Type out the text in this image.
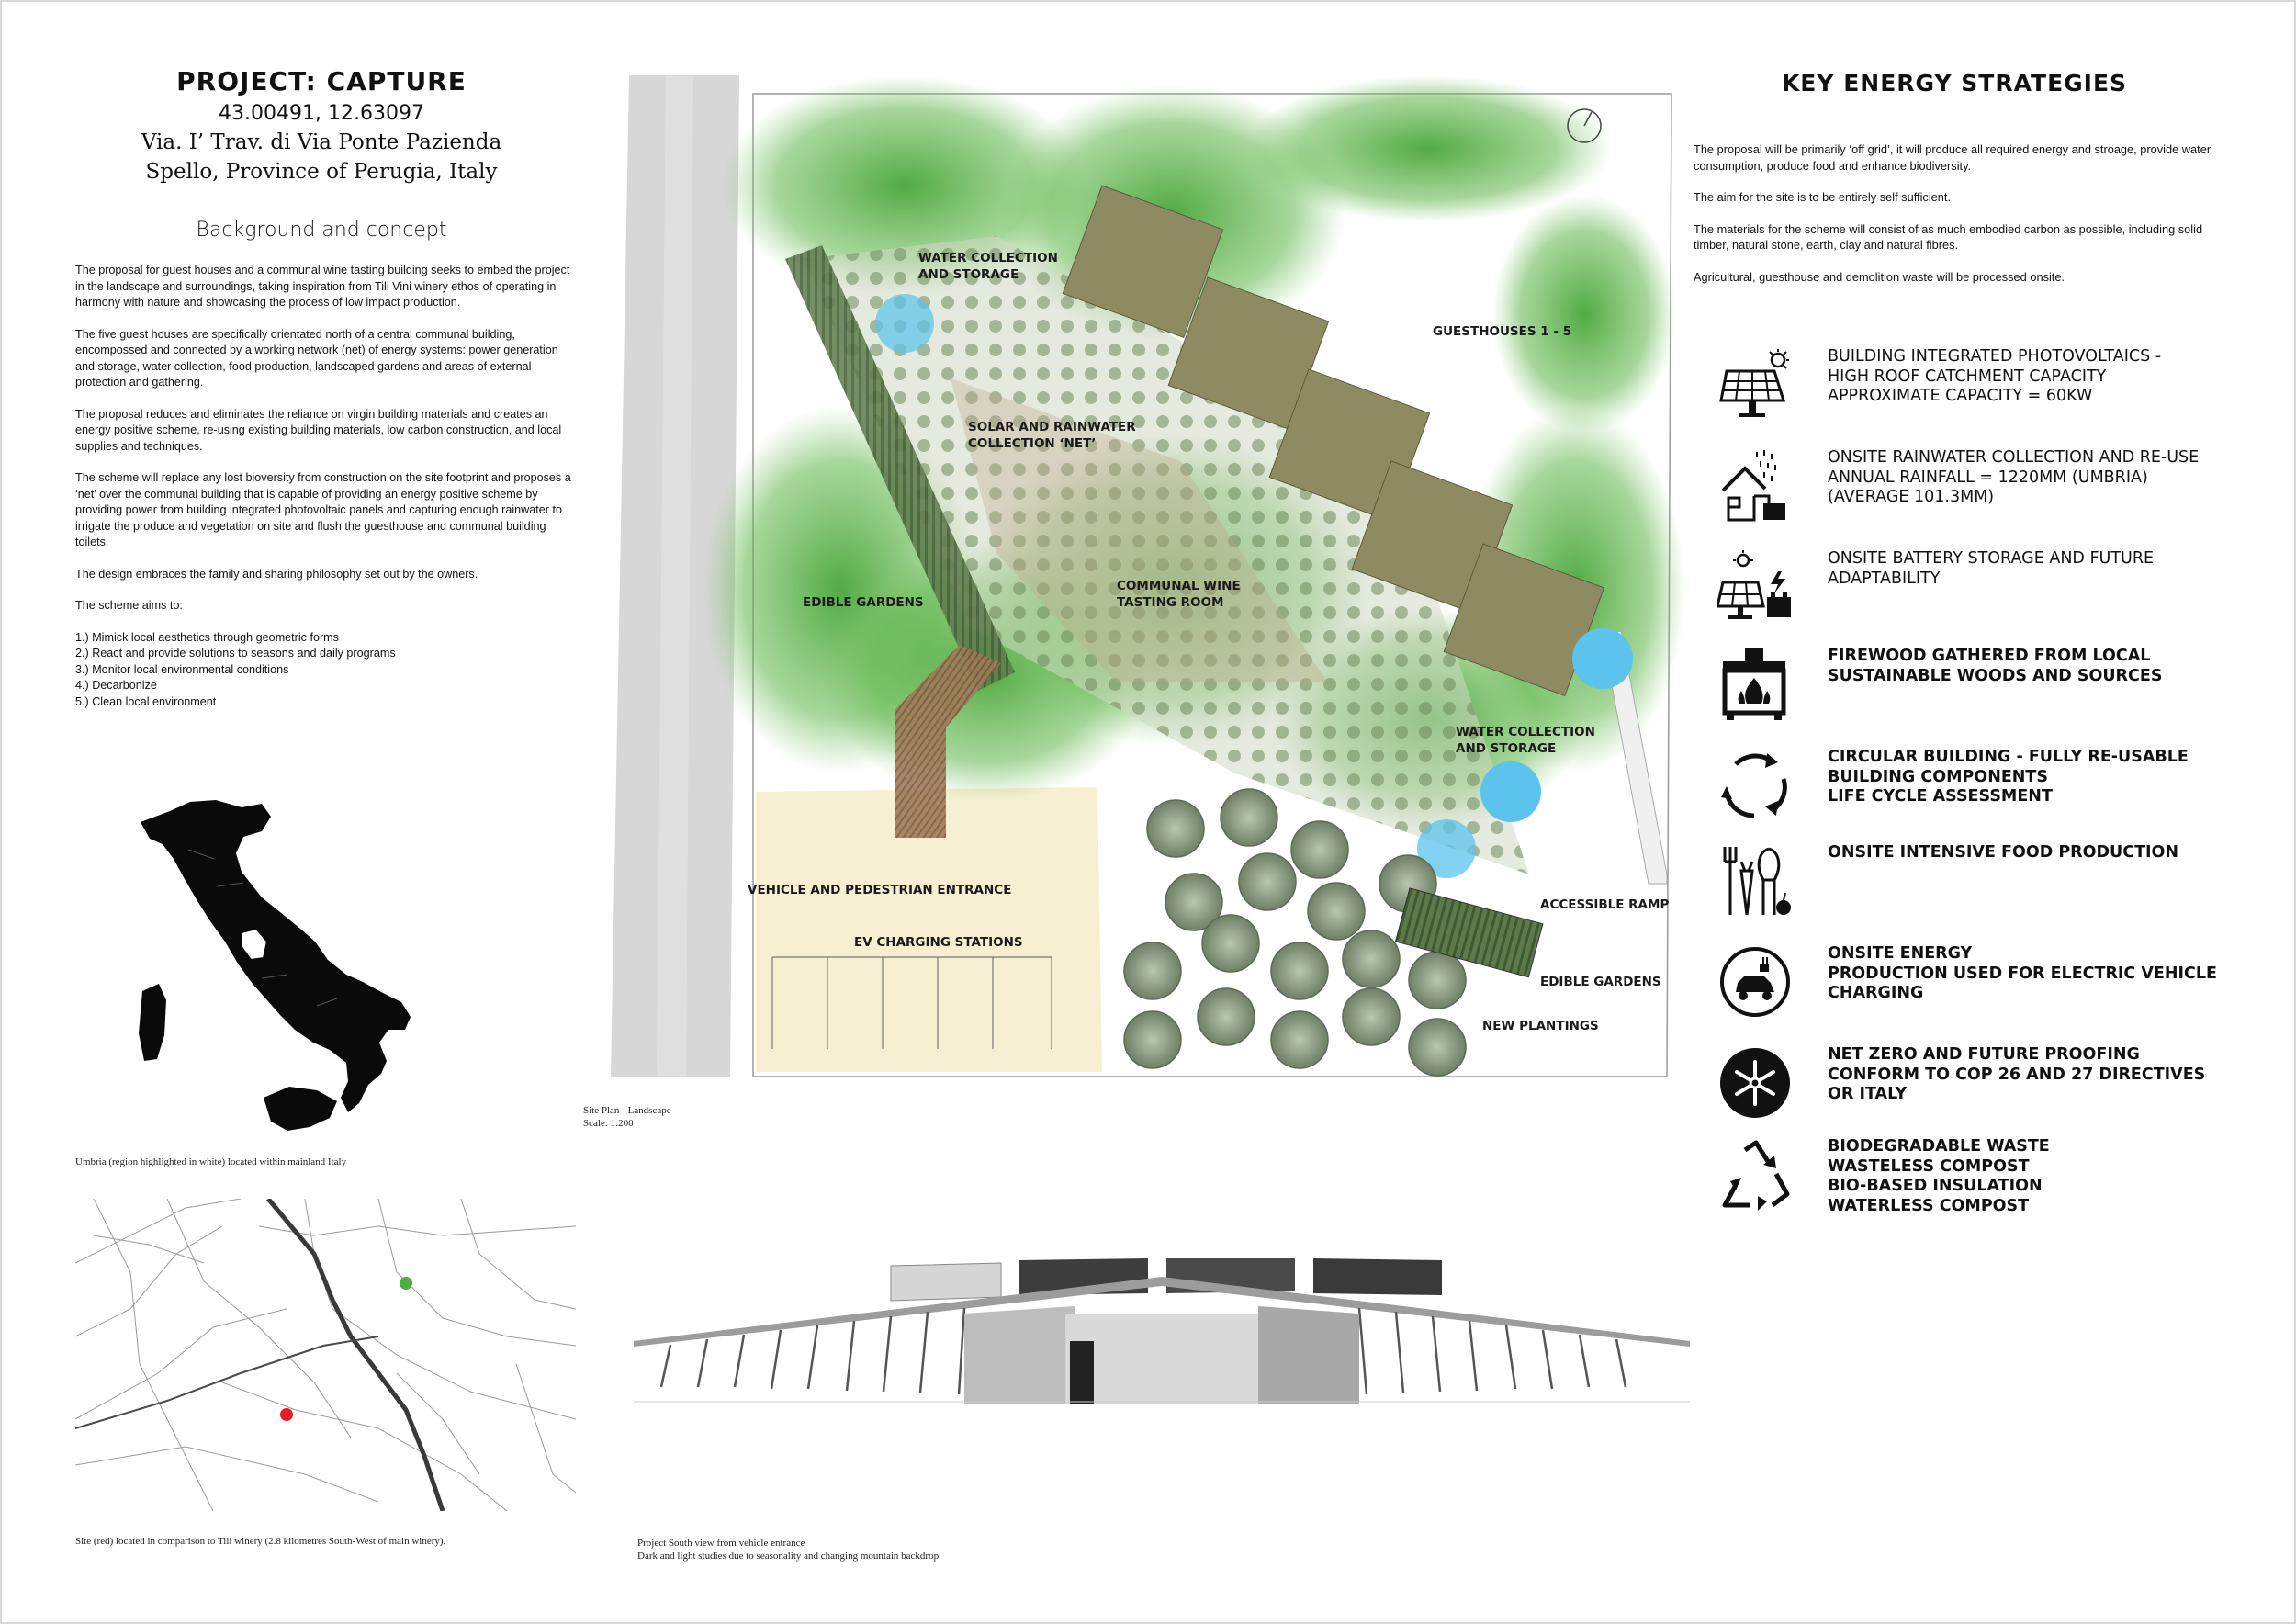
PROJECT: CAPTURE
43.00491, 12.63097
Via. I’ Trav. di Via Ponte Pazienda
Spello, Province of Perugia, Italy
Background and concept

The proposal for guest houses and a communal wine tasting building seeks to embed the project in the landscape and surroundings, taking inspiration from Tili Vini winery ethos of operating in harmony with nature and showcasing the process of low impact production.

The five guest houses are specifically orientated north of a central communal building, encompossed and connected by a working network (net) of energy systems: power generation and storage, water collection, food production, landscaped gardens and areas of external protection and gathering.

The proposal reduces and eliminates the reliance on virgin building materials and creates an energy positive scheme, re-using existing building materials, low carbon construction, and local supplies and techniques.

The scheme will replace any lost bioversity from construction on the site footprint and proposes a ‘net’ over the communal building that is capable of providing an energy positive scheme by providing power from building integrated photovoltaic panels and capturing enough rainwater to irrigate the produce and vegetation on site and flush the guesthouse and communal building toilets.

The design embraces the family and sharing philosophy set out by the owners.

The scheme aims to:

1.) Mimick local aesthetics through geometric forms
2.) React and provide solutions to seasons and daily programs
3.) Monitor local environmental conditions
4.) Decarbonize
5.) Clean local environment
Umbria (region highlighted in white) located within mainland Italy
Site (red) located in comparison to Tili winery (2.8 kilometres South-West of main winery).
WATER COLLECTION
AND STORAGE
GUESTHOUSES 1 - 5
SOLAR AND RAINWATER
COLLECTION ‘NET’
COMMUNAL WINE
TASTING ROOM
EDIBLE GARDENS
WATER COLLECTION
AND STORAGE
VEHICLE AND PEDESTRIAN ENTRANCE
EV CHARGING STATIONS
ACCESSIBLE RAMP
EDIBLE GARDENS
NEW PLANTINGS
Site Plan - Landscape
Scale: 1:200
Project South view from vehicle entrance
Dark and light studies due to seasonality and changing mountain backdrop
KEY ENERGY STRATEGIES

The proposal will be primarily ‘off grid’, it will produce all required energy and stroage, provide water consumption, produce food and enhance biodiversity.

The aim for the site is to be entirely self sufficient.

The materials for the scheme will consist of as much embodied carbon as possible, including solid timber, natural stone, earth, clay and natural fibres.

Agricultural, guesthouse and demolition waste will be processed onsite.

BUILDING INTEGRATED PHOTOVOLTAICS -
HIGH ROOF CATCHMENT CAPACITY
APPROXIMATE CAPACITY = 60KW
ONSITE RAINWATER COLLECTION AND RE-USE
ANNUAL RAINFALL = 1220MM (UMBRIA)
(AVERAGE 101.3MM)
ONSITE BATTERY STORAGE AND FUTURE
ADAPTABILITY
FIREWOOD GATHERED FROM LOCAL
SUSTAINABLE WOODS AND SOURCES
CIRCULAR BUILDING - FULLY RE-USABLE
BUILDING COMPONENTS
LIFE CYCLE ASSESSMENT
ONSITE INTENSIVE FOOD PRODUCTION
ONSITE ENERGY
PRODUCTION USED FOR ELECTRIC VEHICLE
CHARGING
NET ZERO AND FUTURE PROOFING
CONFORM TO COP 26 AND 27 DIRECTIVES
OR ITALY
BIODEGRADABLE WASTE
WASTELESS COMPOST
BIO-BASED INSULATION
WATERLESS COMPOST
